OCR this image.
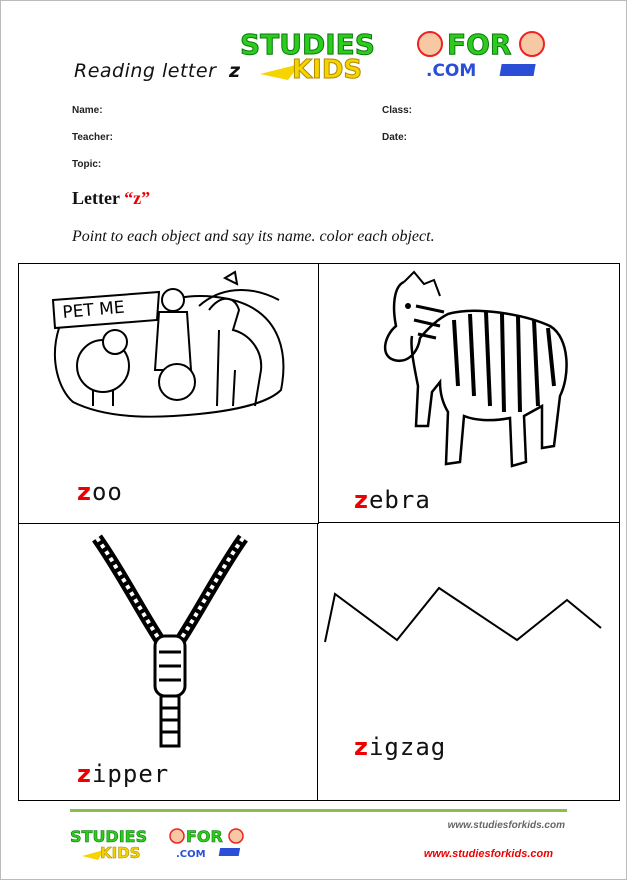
Reading letter z
STUDIES	FOR
KIDS	.COM
Name:	Class:
Teacher:	Date:
Topic:
Letter “z”
Point to each object and say its name. color each object.
PET ME
zoo	zebra
zipper
zigzag
www.studiesforkids.com
www.studiesforkids.com
STUDIES FOR
KIDS	.COM
